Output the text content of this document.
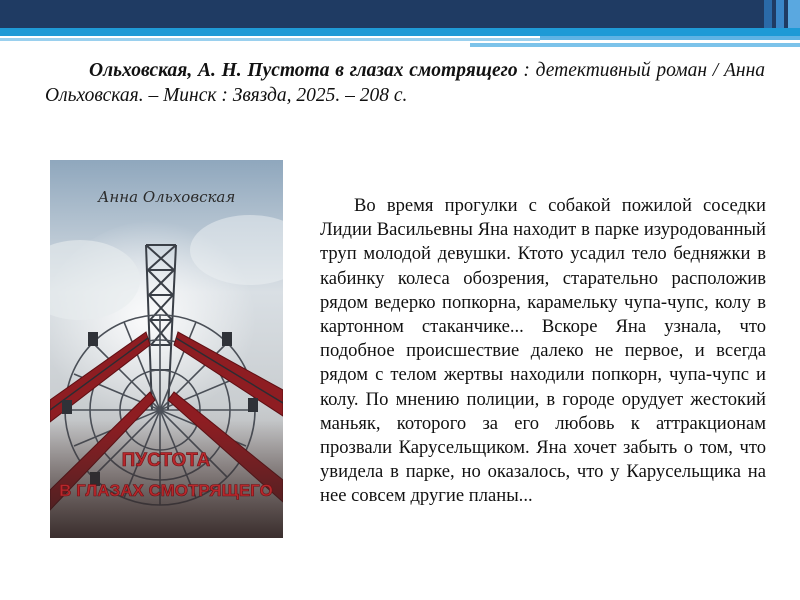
Ольховская, А. Н. Пустота в глазах смотрящего : детективный роман / Анна Ольховская. – Минск : Звязда, 2025. – 208 с.

Анна Ольховская
ПУСТОТА
В ГЛАЗАХ СМОТРЯЩЕГО

Во время прогулки с собакой пожилой соседки Лидии Васильевны Яна находит в парке изуродованный труп молодой девушки. Ктото усадил тело бедняжки в кабинку колеса обозрения, старательно расположив рядом ведерко попкорна, карамельку чупа-чупс, колу в картонном стаканчике... Вскоре Яна узнала, что подобное происшествие далеко не первое, и всегда рядом с телом жертвы находили попкорн, чупа-чупс и колу. По мнению полиции, в городе орудует жестокий маньяк, которого за его любовь к аттракционам прозвали Карусельщиком. Яна хочет забыть о том, что увидела в парке, но оказалось, что у Карусельщика на нее совсем другие планы...
